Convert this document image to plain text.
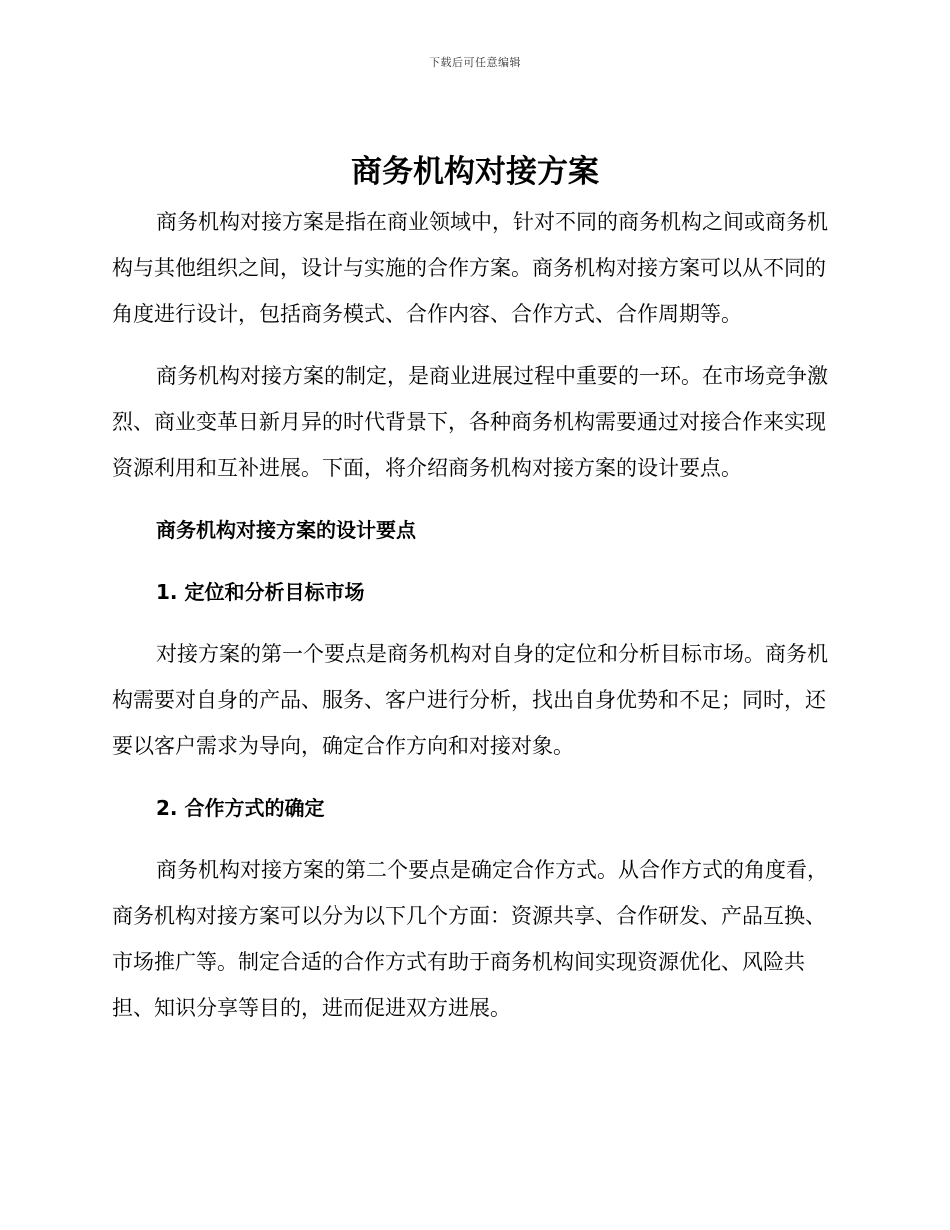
下载后可任意编辑
商务机构对接方案

商务机构对接方案是指在商业领域中，针对不同的商务机构之间或商务机构与其他组织之间，设计与实施的合作方案。商务机构对接方案可以从不同的角度进行设计，包括商务模式、合作内容、合作方式、合作周期等。

商务机构对接方案的制定，是商业进展过程中重要的一环。在市场竞争激烈、商业变革日新月异的时代背景下，各种商务机构需要通过对接合作来实现资源利用和互补进展。下面，将介绍商务机构对接方案的设计要点。

商务机构对接方案的设计要点

1. 定位和分析目标市场

对接方案的第一个要点是商务机构对自身的定位和分析目标市场。商务机构需要对自身的产品、服务、客户进行分析，找出自身优势和不足；同时，还要以客户需求为导向，确定合作方向和对接对象。

2. 合作方式的确定

商务机构对接方案的第二个要点是确定合作方式。从合作方式的角度看，商务机构对接方案可以分为以下几个方面：资源共享、合作研发、产品互换、市场推广等。制定合适的合作方式有助于商务机构间实现资源优化、风险共担、知识分享等目的，进而促进双方进展。
